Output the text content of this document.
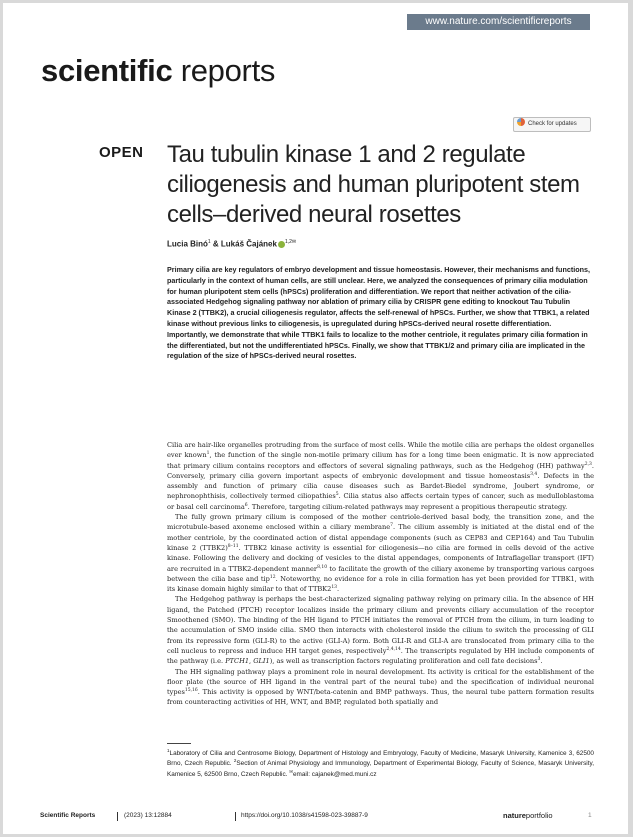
www.nature.com/scientificreports
scientific reports
Check for updates
OPEN Tau tubulin kinase 1 and 2 regulate ciliogenesis and human pluripotent stem cells–derived neural rosettes
Lucia Binó$^1$ & Lukáš Čajánek $^{1,2✉}$

Primary cilia are key regulators of embryo development and tissue homeostasis. However, their mechanisms and functions, particularly in the context of human cells, are still unclear. Here, we analyzed the consequences of primary cilia modulation for human pluripotent stem cells (hPSCs) proliferation and differentiation. We report that neither activation of the cilia-associated Hedgehog signaling pathway nor ablation of primary cilia by CRISPR gene editing to knockout Tau Tubulin Kinase 2 (TTBK2), a crucial ciliogenesis regulator, affects the self-renewal of hPSCs. Further, we show that TTBK1, a related kinase without previous links to ciliogenesis, is upregulated during hPSCs-derived neural rosette differentiation. Importantly, we demonstrate that while TTBK1 fails to localize to the mother centriole, it regulates primary cilia formation in the differentiated, but not the undifferentiated hPSCs. Finally, we show that TTBK1/2 and primary cilia are implicated in the regulation of the size of hPSCs-derived neural rosettes.

Cilia are hair-like organelles protruding from the surface of most cells. While the motile cilia are perhaps the oldest organelles ever known$^1$, the function of the single non-motile primary cilium has for a long time been enigmatic. It is now appreciated that primary cilium contains receptors and effectors of several signaling pathways, such as the Hedgehog (HH) pathway$^{2,3}$. Conversely, primary cilia govern important aspects of embryonic development and tissue homeostasis$^{3,4}$. Defects in the assembly and function of primary cilia cause diseases such as Bardet-Biedel syndrome, Joubert syndrome, or nephronophthisis, collectively termed ciliopathies$^5$. Cilia status also affects certain types of cancer, such as medulloblastoma or basal cell carcinoma$^6$. Therefore, targeting cilium-related pathways may represent a propitious therapeutic strategy.

The fully grown primary cilium is composed of the mother centriole-derived basal body, the transition zone, and the microtubule-based axoneme enclosed within a ciliary membrane$^7$. The cilium assembly is initiated at the distal end of the mother centriole, by the coordinated action of distal appendage components (such as CEP83 and CEP164) and Tau Tubulin kinase 2 (TTBK2)$^{8-11}$. TTBK2 kinase activity is essential for ciliogenesis—no cilia are formed in cells devoid of the active kinase. Following the delivery and docking of vesicles to the distal appendages, components of Intraflagellar transport (IFT) are recruited in a TTBK2-dependent manner$^{8,10}$ to facilitate the growth of the ciliary axoneme by transporting various cargoes between the cilia base and tip$^{12}$. Noteworthy, no evidence for a role in cilia formation has yet been provided for TTBK1, with its kinase domain highly similar to that of $TTBK2^{13}$.

The Hedgehog pathway is perhaps the best-characterized signaling pathway relying on primary cilia. In the absence of HH ligand, the Patched (PTCH) receptor localizes inside the primary cilium and prevents ciliary accumulation of the receptor Smoothened (SMO). The binding of the HH ligand to PTCH initiates the removal of PTCH from the cilium, in turn leading to the accumulation of SMO inside cilia. SMO then interacts with cholesterol inside the cilium to switch the processing of GLI from its repressive form (GLI-R) to the active (GLI-A) form. Both GLI-R and GLI-A are translocated from primary cilia to the cell nucleus to repress and induce HH target genes, respectively$^{2,4,14}$. The transcripts regulated by HH include components of the pathway (i.e. PTCH1, GLI1), as well as transcription factors regulating proliferation and cell fate decisions$^3$.

The HH signaling pathway plays a prominent role in neural development. Its activity is critical for the establishment of the floor plate (the source of HH ligand in the ventral part of the neural tube) and the specification of individual neuronal types$^{15,16}$. This activity is opposed by WNT/beta-catenin and BMP pathways. Thus, the neural tube pattern formation results from counteracting activities of HH, WNT, and BMP, regulated both spatially and

$^1$Laboratory of Cilia and Centrosome Biology, Department of Histology and Embryology, Faculty of Medicine, Masaryk University, Kamenice 3, 62500 Brno, Czech Republic. $^2$Section of Animal Physiology and Immunology, Department of Experimental Biology, Faculty of Science, Masaryk University, Kamenice 5, 62500 Brno, Czech Republic. ✉email: cajanek@med.muni.cz

Scientific Reports	(2023) 13:12884	https://doi.org/10.1038/s41598-023-39887-9	natureportfolio	1
